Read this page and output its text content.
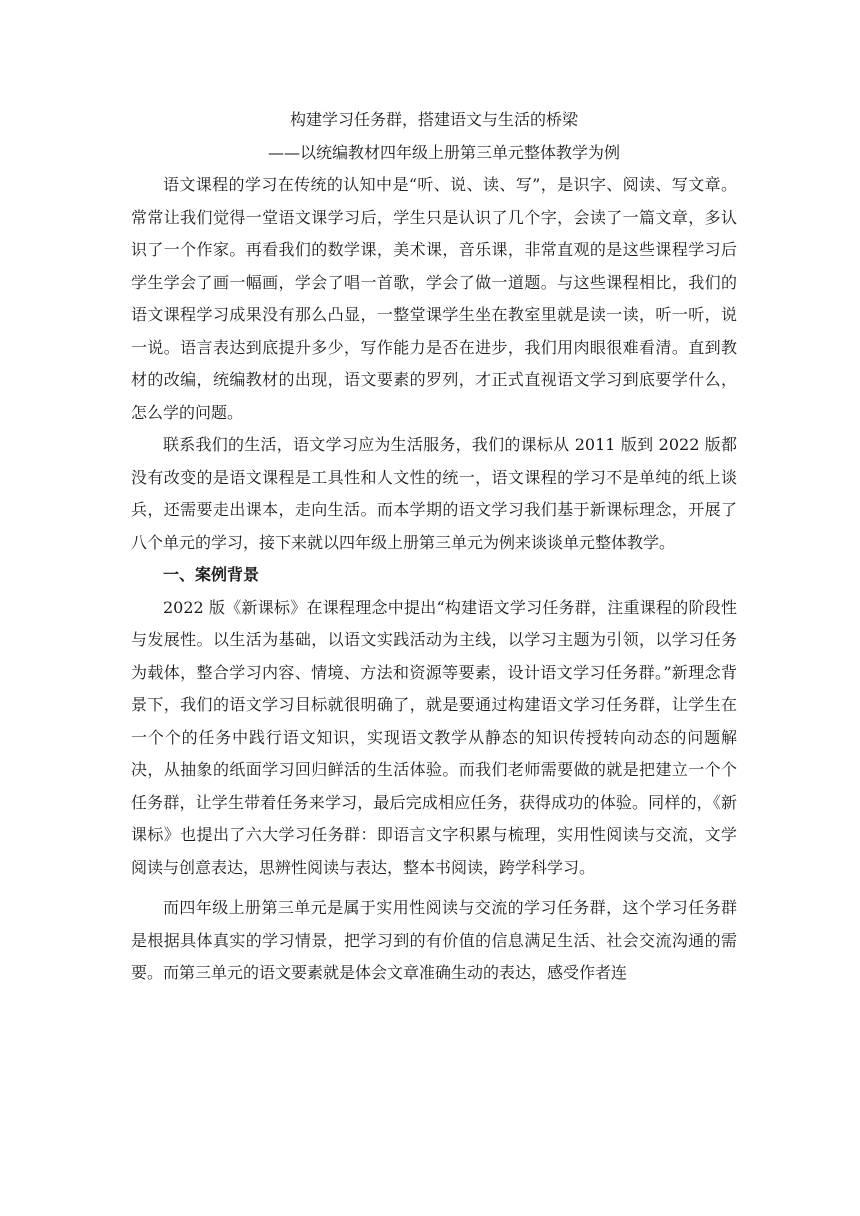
构建学习任务群，搭建语文与生活的桥梁

——以统编教材四年级上册第三单元整体教学为例

语文课程的学习在传统的认知中是“听、说、读、写”，是识字、阅读、写文章。常常让我们觉得一堂语文课学习后，学生只是认识了几个字，会读了一篇文章，多认识了一个作家。再看我们的数学课，美术课，音乐课，非常直观的是这些课程学习后学生学会了画一幅画，学会了唱一首歌，学会了做一道题。与这些课程相比，我们的语文课程学习成果没有那么凸显，一整堂课学生坐在教室里就是读一读，听一听，说一说。语言表达到底提升多少，写作能力是否在进步，我们用肉眼很难看清。直到教材的改编，统编教材的出现，语文要素的罗列，才正式直视语文学习到底要学什么，怎么学的问题。

联系我们的生活，语文学习应为生活服务，我们的课标从 2011 版到 2022 版都没有改变的是语文课程是工具性和人文性的统一，语文课程的学习不是单纯的纸上谈兵，还需要走出课本，走向生活。而本学期的语文学习我们基于新课标理念，开展了八个单元的学习，接下来就以四年级上册第三单元为例来谈谈单元整体教学。

一、案例背景

2022 版《新课标》在课程理念中提出“构建语文学习任务群，注重课程的阶段性与发展性。以生活为基础，以语文实践活动为主线，以学习主题为引领，以学习任务为载体，整合学习内容、情境、方法和资源等要素，设计语文学习任务群。”新理念背景下，我们的语文学习目标就很明确了，就是要通过构建语文学习任务群，让学生在一个个的任务中践行语文知识，实现语文教学从静态的知识传授转向动态的问题解决，从抽象的纸面学习回归鲜活的生活体验。而我们老师需要做的就是把建立一个个任务群，让学生带着任务来学习，最后完成相应任务，获得成功的体验。同样的，《新课标》也提出了六大学习任务群：即语言文字积累与梳理，实用性阅读与交流，文学阅读与创意表达，思辨性阅读与表达，整本书阅读，跨学科学习。

而四年级上册第三单元是属于实用性阅读与交流的学习任务群，这个学习任务群是根据具体真实的学习情景，把学习到的有价值的信息满足生活、社会交流沟通的需要。而第三单元的语文要素就是体会文章准确生动的表达，感受作者连
